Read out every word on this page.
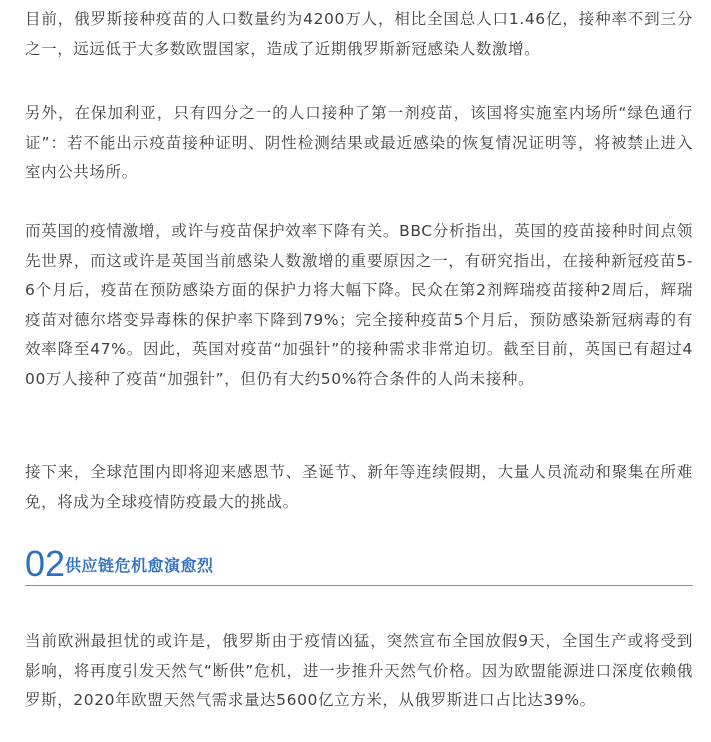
目前，俄罗斯接种疫苗的人口数量约为4200万人，相比全国总人口1.46亿，接种率不到三分之一，远远低于大多数欧盟国家，造成了近期俄罗斯新冠感染人数激增。

另外，在保加利亚，只有四分之一的人口接种了第一剂疫苗，该国将实施室内场所“绿色通行证”：若不能出示疫苗接种证明、阴性检测结果或最近感染的恢复情况证明等，将被禁止进入室内公共场所。

而英国的疫情激增，或许与疫苗保护效率下降有关。BBC分析指出，英国的疫苗接种时间点领先世界，而这或许是英国当前感染人数激增的重要原因之一，有研究指出，在接种新冠疫苗5-6个月后，疫苗在预防感染方面的保护力将大幅下降。民众在第2剂辉瑞疫苗接种2周后，辉瑞疫苗对德尔塔变异毒株的保护率下降到79%；完全接种疫苗5个月后，预防感染新冠病毒的有效率降至47%。因此，英国对疫苗“加强针”的接种需求非常迫切。截至目前，英国已有超过400万人接种了疫苗“加强针”，但仍有大约50%符合条件的人尚未接种。

接下来，全球范围内即将迎来感恩节、圣诞节、新年等连续假期，大量人员流动和聚集在所难免，将成为全球疫情防疫最大的挑战。

02 供应链危机愈演愈烈

当前欧洲最担忧的或许是，俄罗斯由于疫情凶猛，突然宣布全国放假9天，全国生产或将受到影响，将再度引发天然气“断供”危机，进一步推升天然气价格。因为欧盟能源进口深度依赖俄罗斯，2020年欧盟天然气需求量达5600亿立方米，从俄罗斯进口占比达39%。
